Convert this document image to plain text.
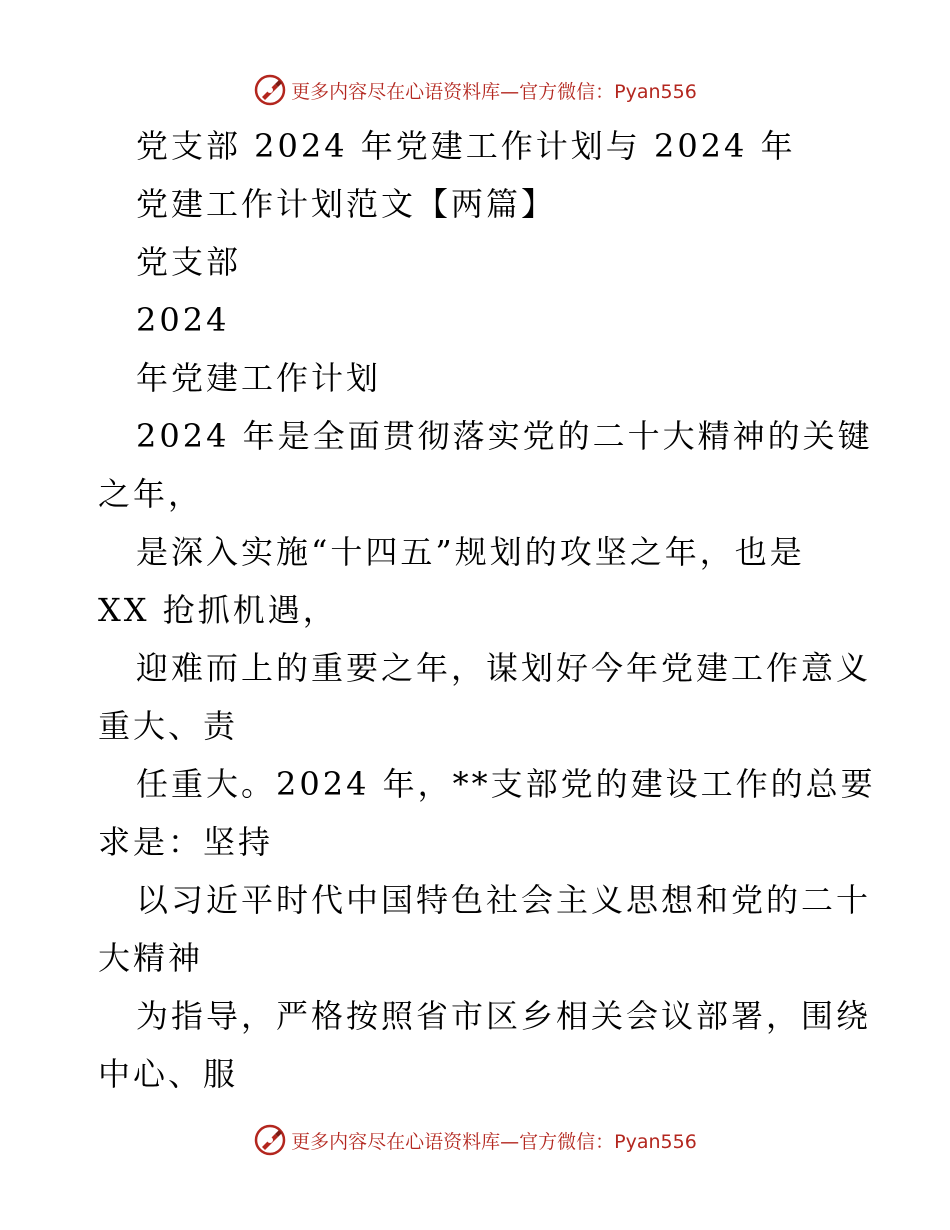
更多内容尽在心语资料库—官方微信：Pyan556
党支部 2024 年党建工作计划与 2024 年
党建工作计划范文【两篇】
党支部
2024
年党建工作计划
2024 年是全面贯彻落实党的二十大精神的关键
之年，
是深入实施“十四五”规划的攻坚之年，也是
XX 抢抓机遇，
迎难而上的重要之年，谋划好今年党建工作意义
重大、责
任重大。2024 年，**支部党的建设工作的总要
求是：坚持
以习近平时代中国特色社会主义思想和党的二十
大精神
为指导，严格按照省市区乡相关会议部署，围绕
中心、服
更多内容尽在心语资料库—官方微信：Pyan556
